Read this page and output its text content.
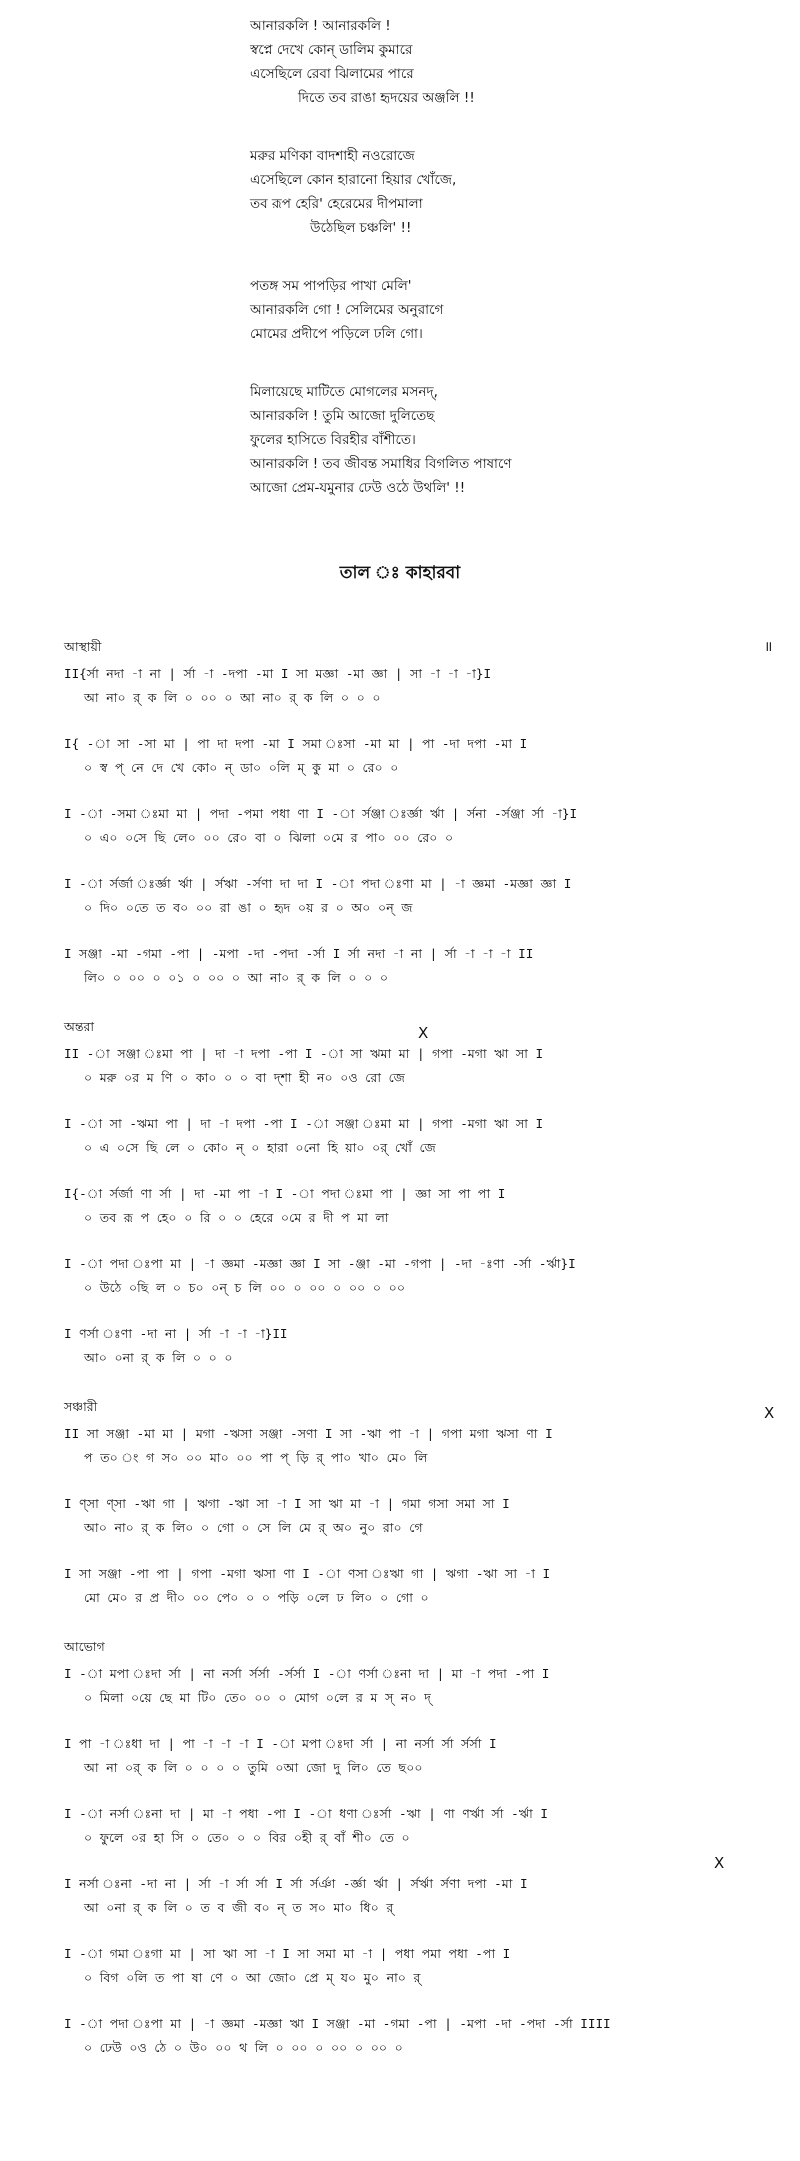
আনারকলি ! আনারকলি !
স্বপ্নে দেখে কোন্ ডালিম কুমারে
এসেছিলে রেবা ঝিলামের পারে
দিতে তব রাঙা হৃদয়ের অঞ্জলি !!
মরুর মণিকা বাদশাহী নওরোজে
এসেছিলে কোন হারানো হিয়ার খোঁজে,
তব রূপ হেরি' হেরেমের দীপমালা
উঠেছিল চঞ্চলি' !!
পতঙ্গ সম পাপড়ির পাখা মেলি'
আনারকলি গো ! সেলিমের অনুরাগে
মোমের প্রদীপে পড়িলে ঢলি গো।
মিলায়েছে মাটিতে মোগলের মসনদ্,
আনারকলি ! তুমি আজো দুলিতেছ
ফুলের হাসিতে বিরহীর বাঁশীতে।
আনারকলি ! তব জীবন্ত সমাধির বিগলিত পাষাণে
আজো প্রেম-যমুনার ঢেউ ওঠে উথলি' !!
তাল ঃ কাহারবা
আস্থায়ী	॥
II{র্সা নদা -া না | র্সা -া -দপা -মা I সা মজ্ঞা -মা জ্ঞা | সা -া -া -া}I
আ না০ র্ ক লি ০ ০০ ০ আ না০ র্ ক লি ০ ০ ০
I{ -া সা -সা মা | পা দা দপা -মা I সমা ঃসা -মা মা | পা -দা দপা -মা I
০ স্ব প্ নে দে খে কো০ ন্ ডা০ ০লি ম্ কু মা ০ রে০ ০
I -া -সমা ঃমা মা | পদা -পমা পধা ণা I -া র্সঞ্জা ঃর্জ্ঞা র্ঋা | র্সনা -র্সঞ্জা র্সা -া}I
০ এ০ ০সে ছি লে০ ০০ রে০ বা ০ ঝিলা ০মে র পা০ ০০ রে০ ০
I -া র্সর্জা ঃর্জ্ঞা র্ঋা | র্সঋা -র্সণা দা দা I -া পদা ঃণা মা | -া জ্ঞমা -মজ্ঞা জ্ঞা I
০ দি০ ০তে ত ব০ ০০ রা ঙা ০ হৃদ ০য় র ০ অ০ ০ন্ জ
I সঞ্জা -মা -গমা -পা | -মপা -দা -পদা -র্সা I র্সা নদা -া না | র্সা -া -া -া II
লি০ ০ ০০ ০ ০১ ০ ০০ ০ আ না০ র্ ক লি ০ ০ ০
অন্তরা	X
II -া সঞ্জা ঃমা পা | দা -া দপা -পা I -া সা ঋমা মা | গপা -মগা ঋা সা I
০ মরু ০র ম ণি ০ কা০ ০ ০ বা দ্‌শা হী ন০ ০ও রো জে
I -া সা -ঋমা পা | দা -া দপা -পা I -া সঞ্জা ঃমা মা | গপা -মগা ঋা সা I
০ এ ০সে ছি লে ০ কো০ ন্ ০ হারা ০নো হি য়া০ ০র্ খোঁ জে
I{-া র্সর্জা ণা র্সা | দা -মা পা -া I -া পদা ঃমা পা | জ্ঞা সা পা পা I
০ তব রূ প হে০ ০ রি ০ ০ হেরে ০মে র দী প মা লা
I -া পদা ঃপা মা | -া জ্ঞমা -মজ্ঞা জ্ঞা I সা -ঞ্জা -মা -গপা | -দা -ঃণা -র্সা -র্ঋা}I
০ উঠে ০ছি ল ০ চ০ ০ন্ চ লি ০০ ০ ০০ ০ ০০ ০ ০০
I ণর্সা ঃণা -দা না | র্সা -া -া -া}II
আ০ ০না র্ ক লি ০ ০ ০
সঞ্চারী	X
II সা সঞ্জা -মা মা | মগা -ঋসা সঞ্জা -সণা I সা -ঋা পা -া | গপা মগা ঋসা ণা I
প ত০ ং গ স০ ০০ মা০ ০০ পা প্ ড়ি র্ পা০ খা০ মে০ লি
I ণ্সা ণ্সা -ঋা গা | ঋগা -ঋা সা -া I সা ঋা মা -া | গমা গসা সমা সা I
আ০ না০ র্ ক লি০ ০ গো ০ সে লি মে র্ অ০ নু০ রা০ গে
I সা সঞ্জা -পা পা | গপা -মগা ঋসা ণা I -া ণসা ঃঋা গা | ঋগা -ঋা সা -া I
মো মে০ র প্র দী০ ০০ পে০ ০ ০ পড়ি ০লে ঢ লি০ ০ গো ০
আভোগ
I -া মপা ঃদা র্সা | না নর্সা র্সর্সা -র্সর্সা I -া ণর্সা ঃনা দা | মা -া পদা -পা I
০ মিলা ০য়ে ছে মা টি০ তে০ ০০ ০ মোগ ০লে র ম স্ ন০ দ্
I পা -া ঃধা দা | পা -া -া -া I -া মপা ঃদা র্সা | না নর্সা র্সা র্সর্সা I
আ না ০র্ ক লি ০ ০ ০ ০ তুমি ০আ জো দু লি০ তে ছ০০
I -া নর্সা ঃনা দা | মা -া পধা -পা I -া ধণা ঃর্সা -ঋা | ণা ণর্ঋা র্সা -র্ঋা I
০ ফুলে ০র হা সি ০ তে০ ০ ০ বির ০হী র্ বাঁ শী০ তে ০
X
I নর্সা ঃনা -দা না | র্সা -া র্সা র্সা I র্সা র্সর্ঞা -র্জ্ঞা র্ঋা | র্সর্ঋা র্সণা দপা -মা I
আ ০না র্ ক লি ০ ত ব জী ব০ ন্ ত স০ মা০ ধি০ র্
I -া গমা ঃগা মা | সা ঋা সা -া I সা সমা মা -া | পধা পমা পধা -পা I
০ বিগ ০লি ত পা ষা ণে ০ আ জো০ প্রে ম্ য০ মু০ না০ র্
I -া পদা ঃপা মা | -া জ্ঞমা -মজ্ঞা ঋা I সঞ্জা -মা -গমা -পা | -মপা -দা -পদা -র্সা IIII
০ ঢেউ ০ও ঠে ০ উ০ ০০ থ লি ০ ০০ ০ ০০ ০ ০০ ০
